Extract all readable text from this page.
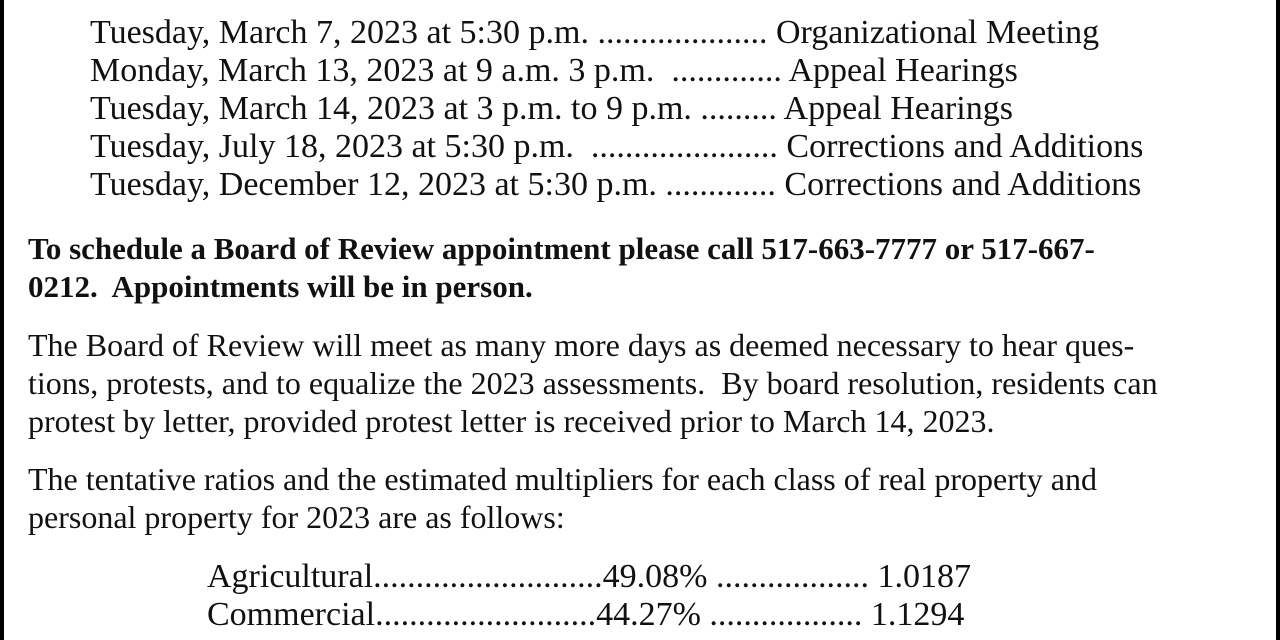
Tuesday, March 7, 2023 at 5:30 p.m. .................... Organizational Meeting
Monday, March 13, 2023 at 9 a.m. 3 p.m.  ............. Appeal Hearings
Tuesday, March 14, 2023 at 3 p.m. to 9 p.m. ......... Appeal Hearings
Tuesday, July 18, 2023 at 5:30 p.m.  ...................... Corrections and Additions
Tuesday, December 12, 2023 at 5:30 p.m. ............. Corrections and Additions

To schedule a Board of Review appointment please call 517-663-7777 or 517-667-
0212.  Appointments will be in person.

The Board of Review will meet as many more days as deemed necessary to hear ques-
tions, protests, and to equalize the 2023 assessments.  By board resolution, residents can
protest by letter, provided protest letter is received prior to March 14, 2023.

The tentative ratios and the estimated multipliers for each class of real property and
personal property for 2023 are as follows:

Agricultural...........................49.08% .................. 1.0187
Commercial..........................44.27% .................. 1.1294
